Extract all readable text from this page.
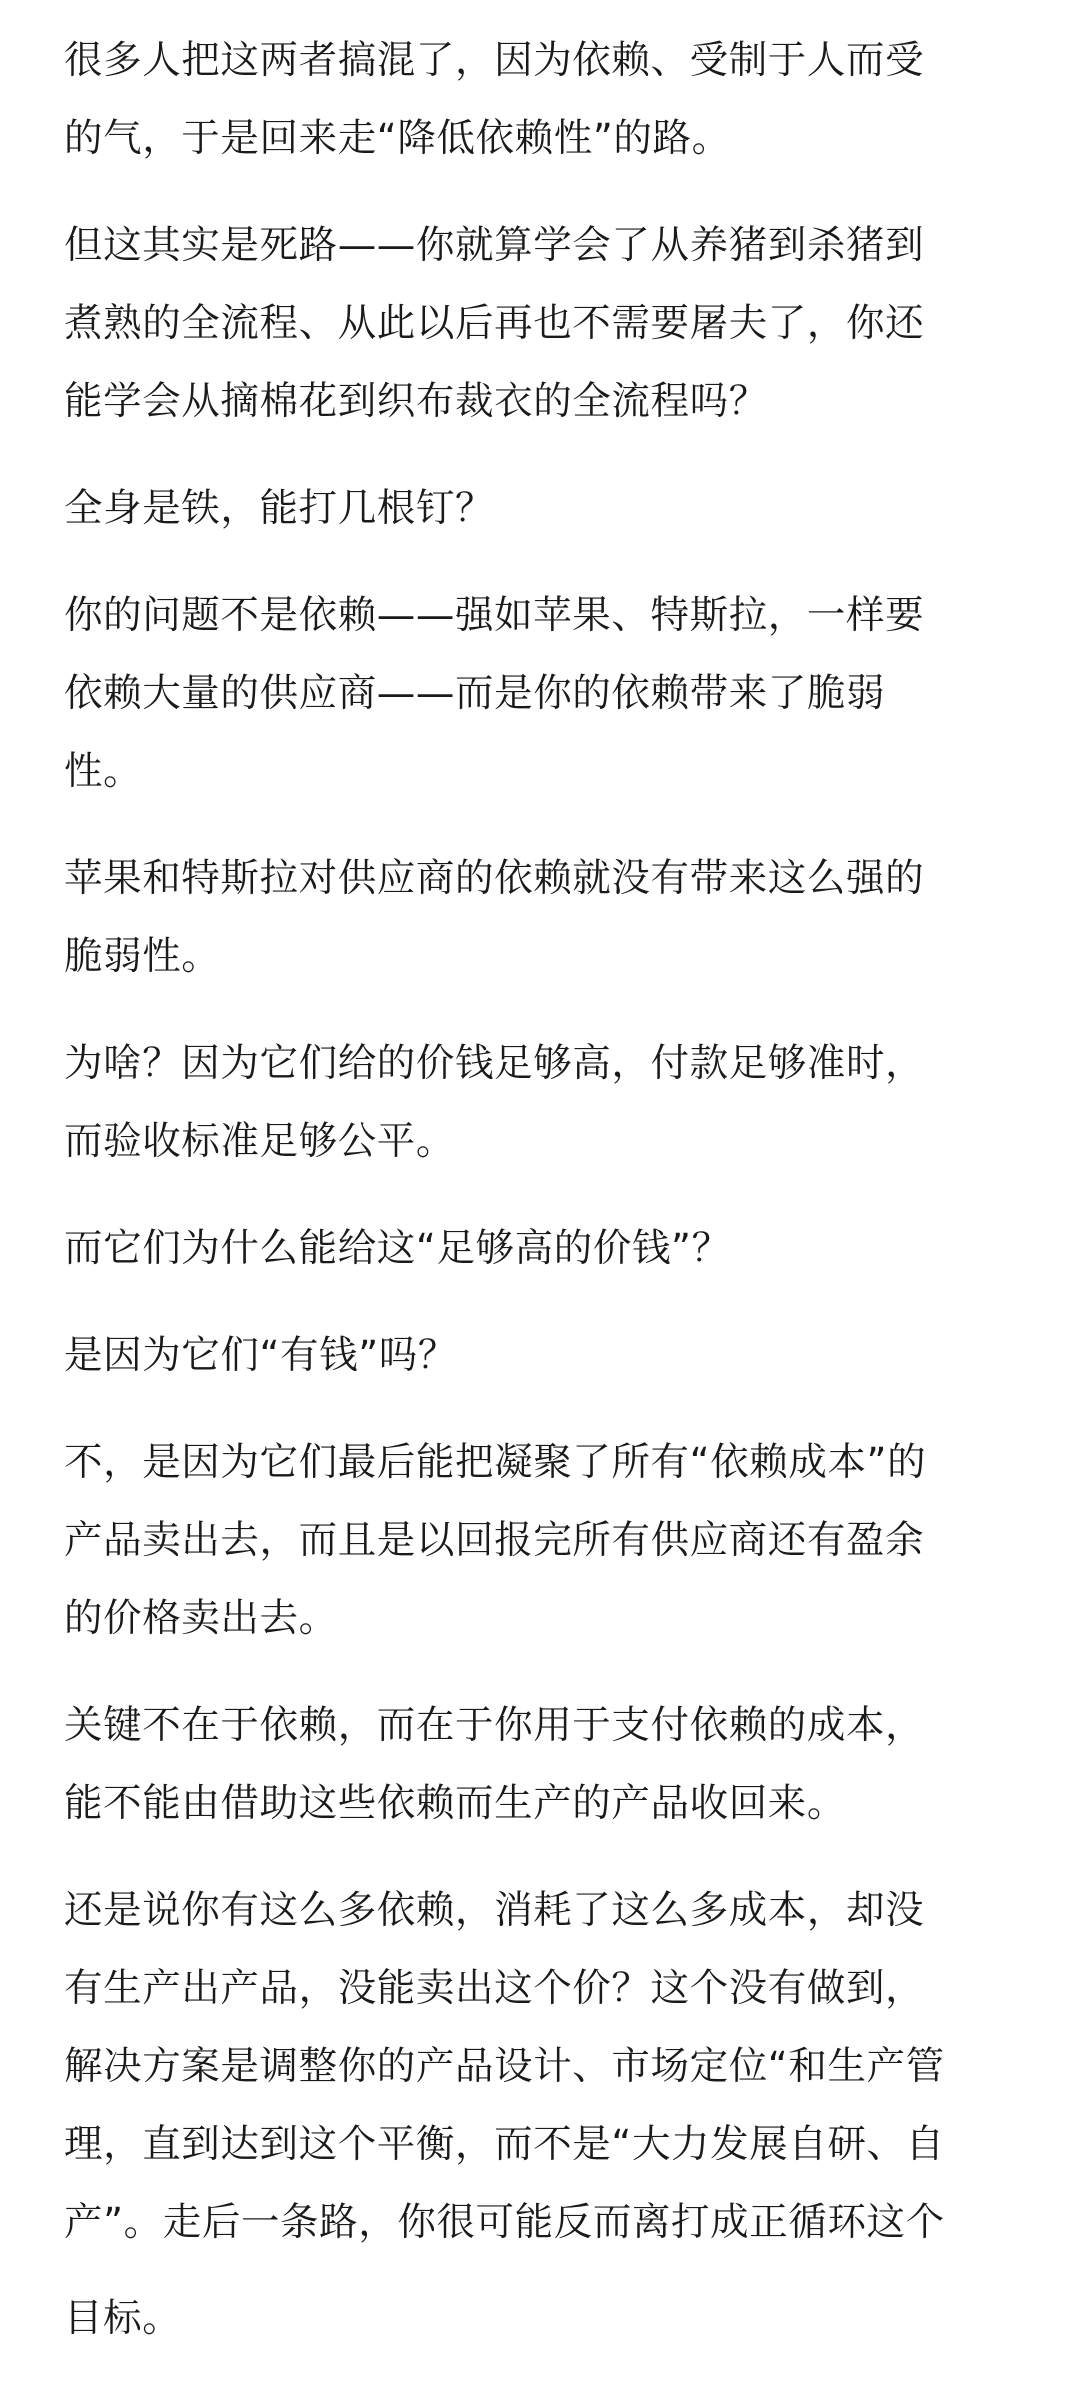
很多人把这两者搞混了，因为依赖、受制于人而受
的气，于是回来走“降低依赖性”的路。

但这其实是死路——你就算学会了从养猪到杀猪到
煮熟的全流程、从此以后再也不需要屠夫了，你还
能学会从摘棉花到织布裁衣的全流程吗？

全身是铁，能打几根钉？

你的问题不是依赖——强如苹果、特斯拉，一样要
依赖大量的供应商——而是你的依赖带来了脆弱
性。

苹果和特斯拉对供应商的依赖就没有带来这么强的
脆弱性。

为啥？因为它们给的价钱足够高，付款足够准时，
而验收标准足够公平。

而它们为什么能给这“足够高的价钱”？

是因为它们“有钱”吗？

不，是因为它们最后能把凝聚了所有“依赖成本”的
产品卖出去，而且是以回报完所有供应商还有盈余
的价格卖出去。

关键不在于依赖，而在于你用于支付依赖的成本，
能不能由借助这些依赖而生产的产品收回来。

还是说你有这么多依赖，消耗了这么多成本，却没
有生产出产品，没能卖出这个价？这个没有做到，
解决方案是调整你的产品设计、市场定位“和生产管
理，直到达到这个平衡，而不是“大力发展自研、自
产”。走后一条路，你很可能反而离打成正循环这个

目标。
